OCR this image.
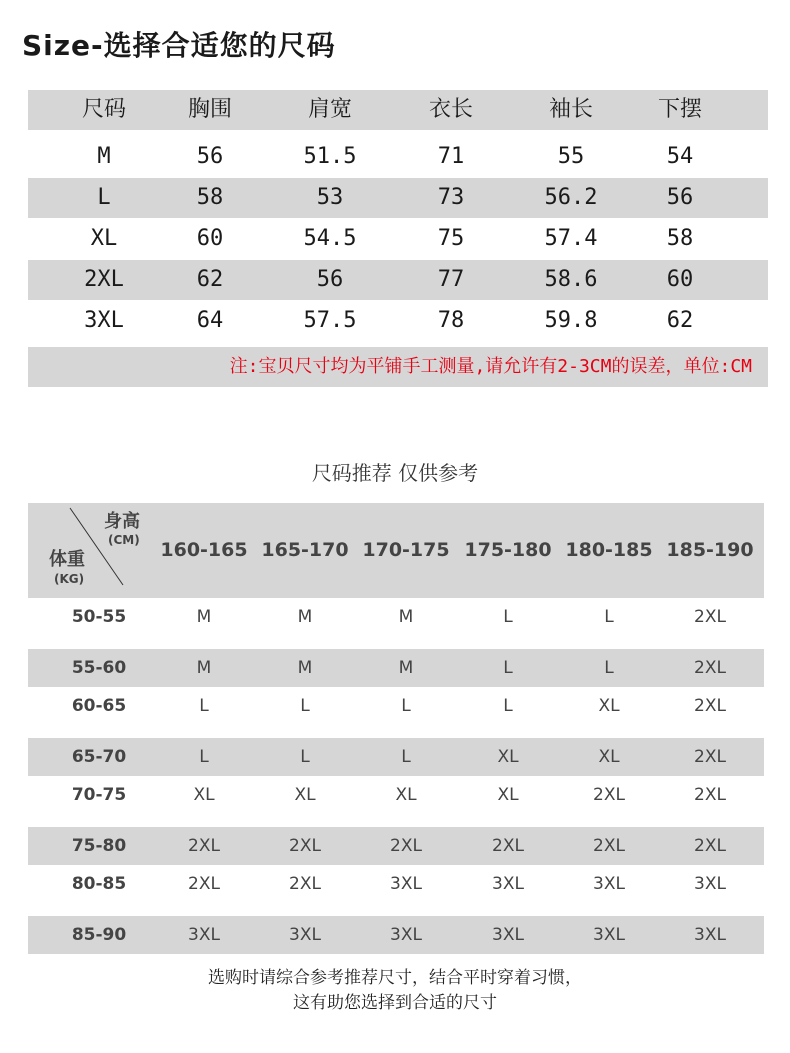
Size-选择合适您的尺码
尺码	胸围	肩宽	衣长	袖长	下摆
M	56	51.5	71	55	54
L	58	53	73	56.2	56
XL	60	54.5	75	57.4	58
2XL	62	56	77	58.6	60
3XL	64	57.5	78	59.8	62
注:宝贝尺寸均为平铺手工测量,请允许有2-3CM的误差，单位:CM
尺码推荐 仅供参考
身高
(CM)
体重
(KG)
160-165 165-170 170-175 175-180 180-185 185-190
50-55	M	M	M	L	L	2XL
55-60	M	M	M	L	L	2XL
60-65	L	L	L	L	XL	2XL
65-70	L	L	L	XL	XL	2XL
70-75	XL	XL	XL	XL	2XL	2XL
75-80	2XL	2XL	2XL	2XL	2XL	2XL
80-85	2XL	2XL	3XL	3XL	3XL	3XL
85-90	3XL	3XL	3XL	3XL	3XL	3XL
选购时请综合参考推荐尺寸，结合平时穿着习惯，
这有助您选择到合适的尺寸
